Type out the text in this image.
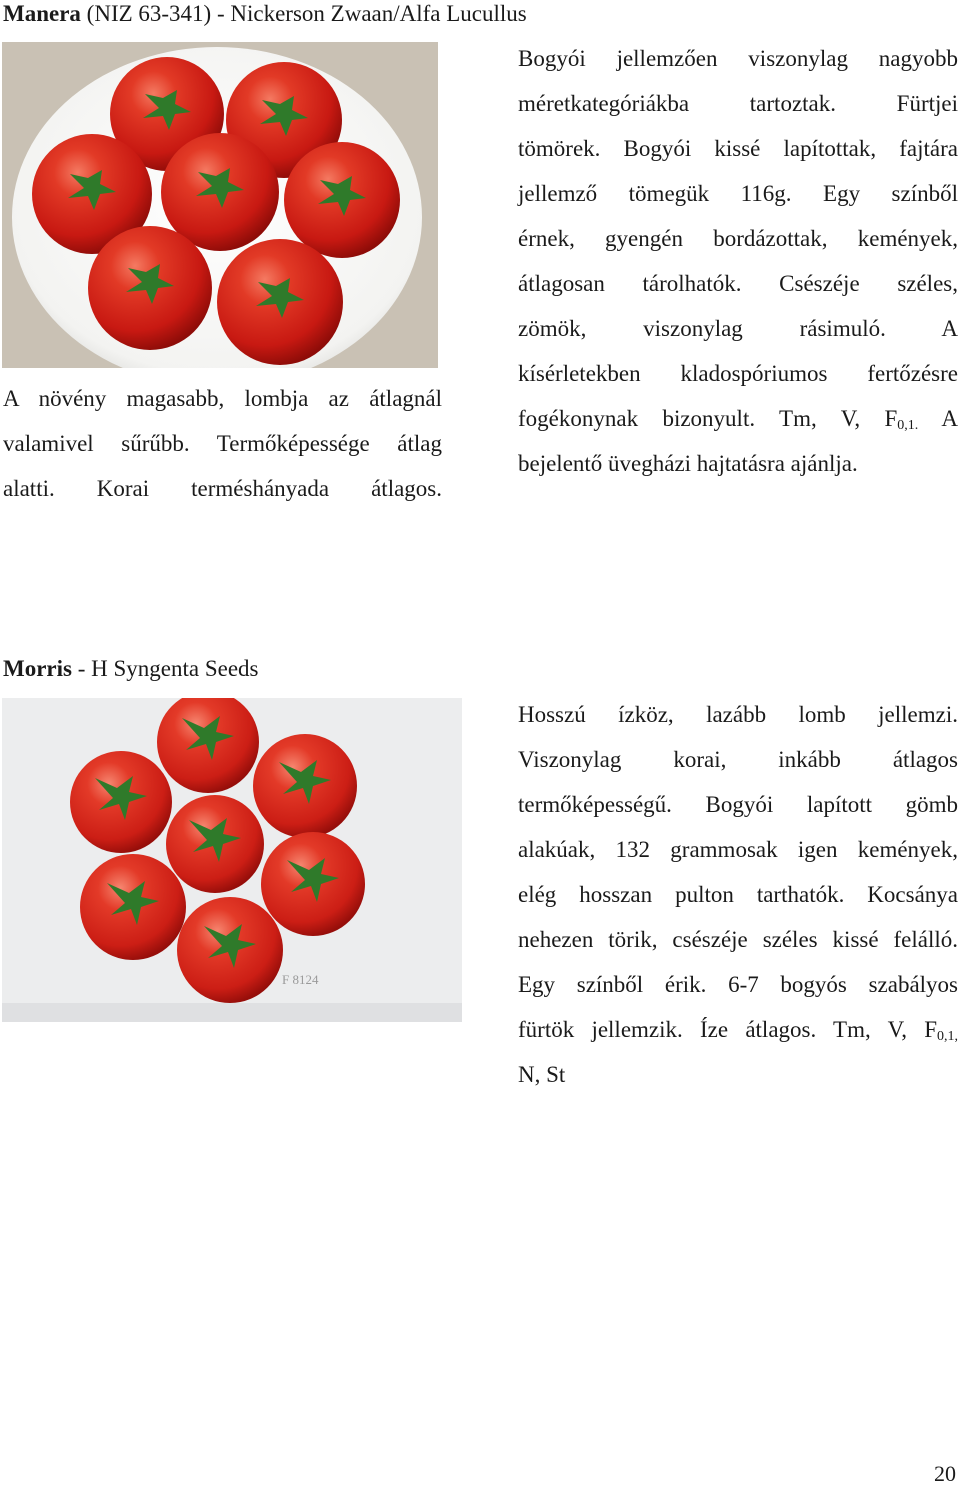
Manera (NIZ 63-341) - Nickerson Zwaan/Alfa Lucullus
Bogyói jellemzően viszonylag nagyobb
méretkategóriákba tartoztak. Fürtjei
tömörek. Bogyói kissé lapítottak, fajtára
jellemző tömegük 116g. Egy színből
érnek, gyengén bordázottak, kemények,
átlagosan tárolhatók. Csészéje széles,
zömök, viszonylag rásimuló. A
kísérletekben kladospóriumos fertőzésre
fogékonynak bizonyult. Tm, V, $F_{0,1.}$ A
bejelentő üvegházi hajtatásra ajánlja.
A növény magasabb, lombja az átlagnál
valamivel sűrűbb. Termőképessége átlag
alatti. Korai terméshányada átlagos.
Morris - H Syngenta Seeds
F 8124
Hosszú ízköz, lazább lomb jellemzi.
Viszonylag korai, inkább átlagos
termőképességű. Bogyói lapított gömb
alakúak, 132 grammosak igen kemények,
elég hosszan pulton tarthatók. Kocsánya
nehezen törik, csészéje széles kissé felálló.
Egy színből érik. 6-7 bogyós szabályos
fürtök jellemzik. Íze átlagos. Tm, V, $F_{0,1,}$
N, St

20
